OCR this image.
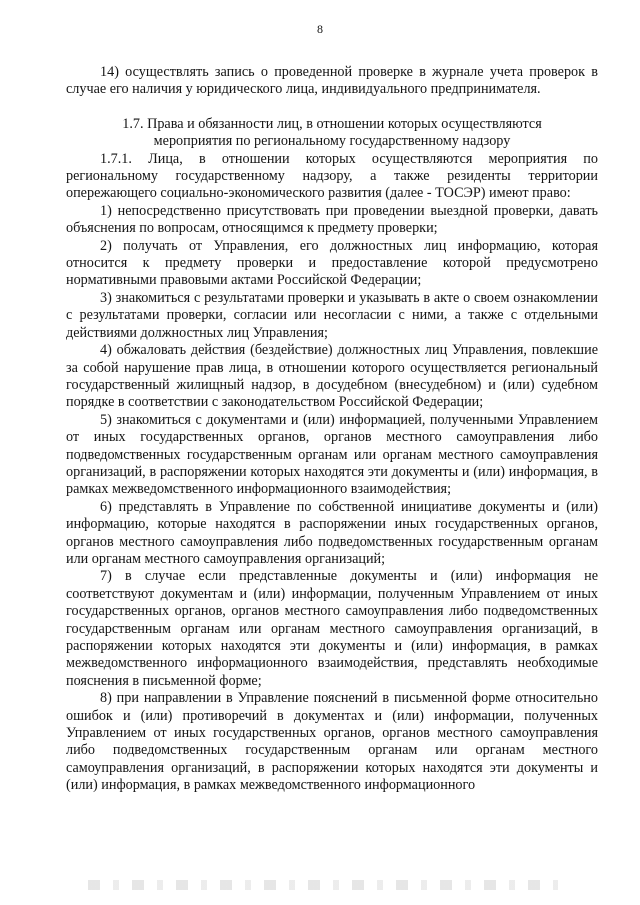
8

14) осуществлять запись о проведенной проверке в журнале учета проверок в случае его наличия у юридического лица, индивидуального предпринимателя.

1.7. Права и обязанности лиц, в отношении которых осуществляются мероприятия по региональному государственному надзору

1.7.1. Лица, в отношении которых осуществляются мероприятия по региональному государственному надзору, а также резиденты территории опережающего социально-экономического развития (далее - ТОСЭР) имеют право:

1) непосредственно присутствовать при проведении выездной проверки, давать объяснения по вопросам, относящимся к предмету проверки;

2) получать от Управления, его должностных лиц информацию, которая относится к предмету проверки и предоставление которой предусмотрено нормативными правовыми актами Российской Федерации;

3) знакомиться с результатами проверки и указывать в акте о своем ознакомлении с результатами проверки, согласии или несогласии с ними, а также с отдельными действиями должностных лиц Управления;

4) обжаловать действия (бездействие) должностных лиц Управления, повлекшие за собой нарушение прав лица, в отношении которого осуществляется региональный государственный жилищный надзор, в досудебном (внесудебном) и (или) судебном порядке в соответствии с законодательством Российской Федерации;

5) знакомиться с документами и (или) информацией, полученными Управлением от иных государственных органов, органов местного самоуправления либо подведомственных государственным органам или органам местного самоуправления организаций, в распоряжении которых находятся эти документы и (или) информация, в рамках межведомственного информационного взаимодействия;

6) представлять в Управление по собственной инициативе документы и (или) информацию, которые находятся в распоряжении иных государственных органов, органов местного самоуправления либо подведомственных государственным органам или органам местного самоуправления организаций;

7) в случае если представленные документы и (или) информация не соответствуют документам и (или) информации, полученным Управлением от иных государственных органов, органов местного самоуправления либо подведомственных государственным органам или органам местного самоуправления организаций, в распоряжении которых находятся эти документы и (или) информация, в рамках межведомственного информационного взаимодействия, представлять необходимые пояснения в письменной форме;

8) при направлении в Управление пояснений в письменной форме относительно ошибок и (или) противоречий в документах и (или) информации, полученных Управлением от иных государственных органов, органов местного самоуправления либо подведомственных государственным органам или органам местного самоуправления организаций, в распоряжении которых находятся эти документы и (или) информация, в рамках межведомственного информационного
